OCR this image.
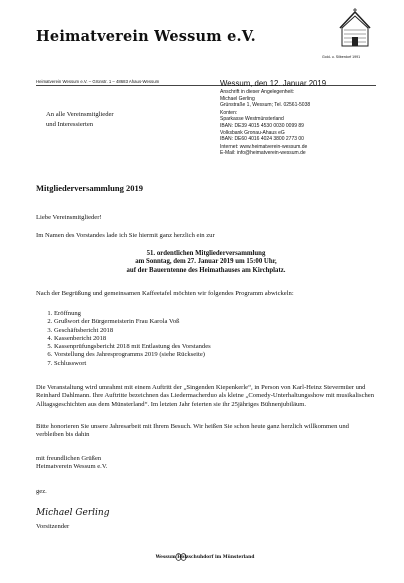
Heimatverein Wessum e.V.
Gold- u. Silberdorf 1991
Heimatverein Wessum e.V. – Grünstr. 1 – 48683 Ahaus-Wessum
An alle Vereinsmitglieder
und Interessierten
Wessum, den 12. Januar 2019
Anschrift in dieser Angelegenheit:
Michael Gerling
Grünstraße 1, Wessum; Tel. 02561-5038
Konten:
Sparkasse Westmünsterland
IBAN: DE39 4015 4530 0030 0099 89
Volksbank Gronau-Ahaus eG
IBAN: DE60 4016 4024 3800 2773 00
Internet: www.heimatverein-wessum.de
E-Mail: info@heimatverein-wessum.de
Mitgliederversammlung 2019
Liebe Vereinsmitglieder!
Im Namen des Vorstandes lade ich Sie hiermit ganz herzlich ein zur
51. ordentlichen Mitgliederversammlung
am Sonntag, dem 27. Januar 2019 um 15:00 Uhr,
auf der Bauerntenne des Heimathauses am Kirchplatz.
Nach der Begrüßung und gemeinsamen Kaffeetafel möchten wir folgendes Programm abwickeln:
1. Eröffnung
2. Grußwort der Bürgermeisterin Frau Karola Voß
3. Geschäftsbericht 2018
4. Kassenbericht 2018
5. Kassenprüfungsbericht 2018 mit Entlastung des Vorstandes
6. Vorstellung des Jahresprogramms 2019 (siehe Rückseite)
7. Schlusswort
Die Veranstaltung wird umrahmt mit einem Auftritt der „Singenden Kiepenkerle“, in Person von Karl-Heinz Stevermüer und Reinhard Dahlmann. Ihre Auftritte bezeichnen das Liedermacherduo als kleine „Comedy-Unterhaltungsshow mit musikalischen Alltagsgeschichten aus dem Münsterland“. Im letzten Jahr feierten sie ihr 25jähriges Bühnenjubiläum.
Bitte honorieren Sie unsere Jahresarbeit mit Ihrem Besuch. Wir heißen Sie schon heute ganz herzlich willkommen und verbleiben bis dahin
mit freundlichen Grüßen
Heimatverein Wessum e.V.
gez.
Michael Gerling
Vorsitzender
Wessum Holzschuhdorf im Münsterland
